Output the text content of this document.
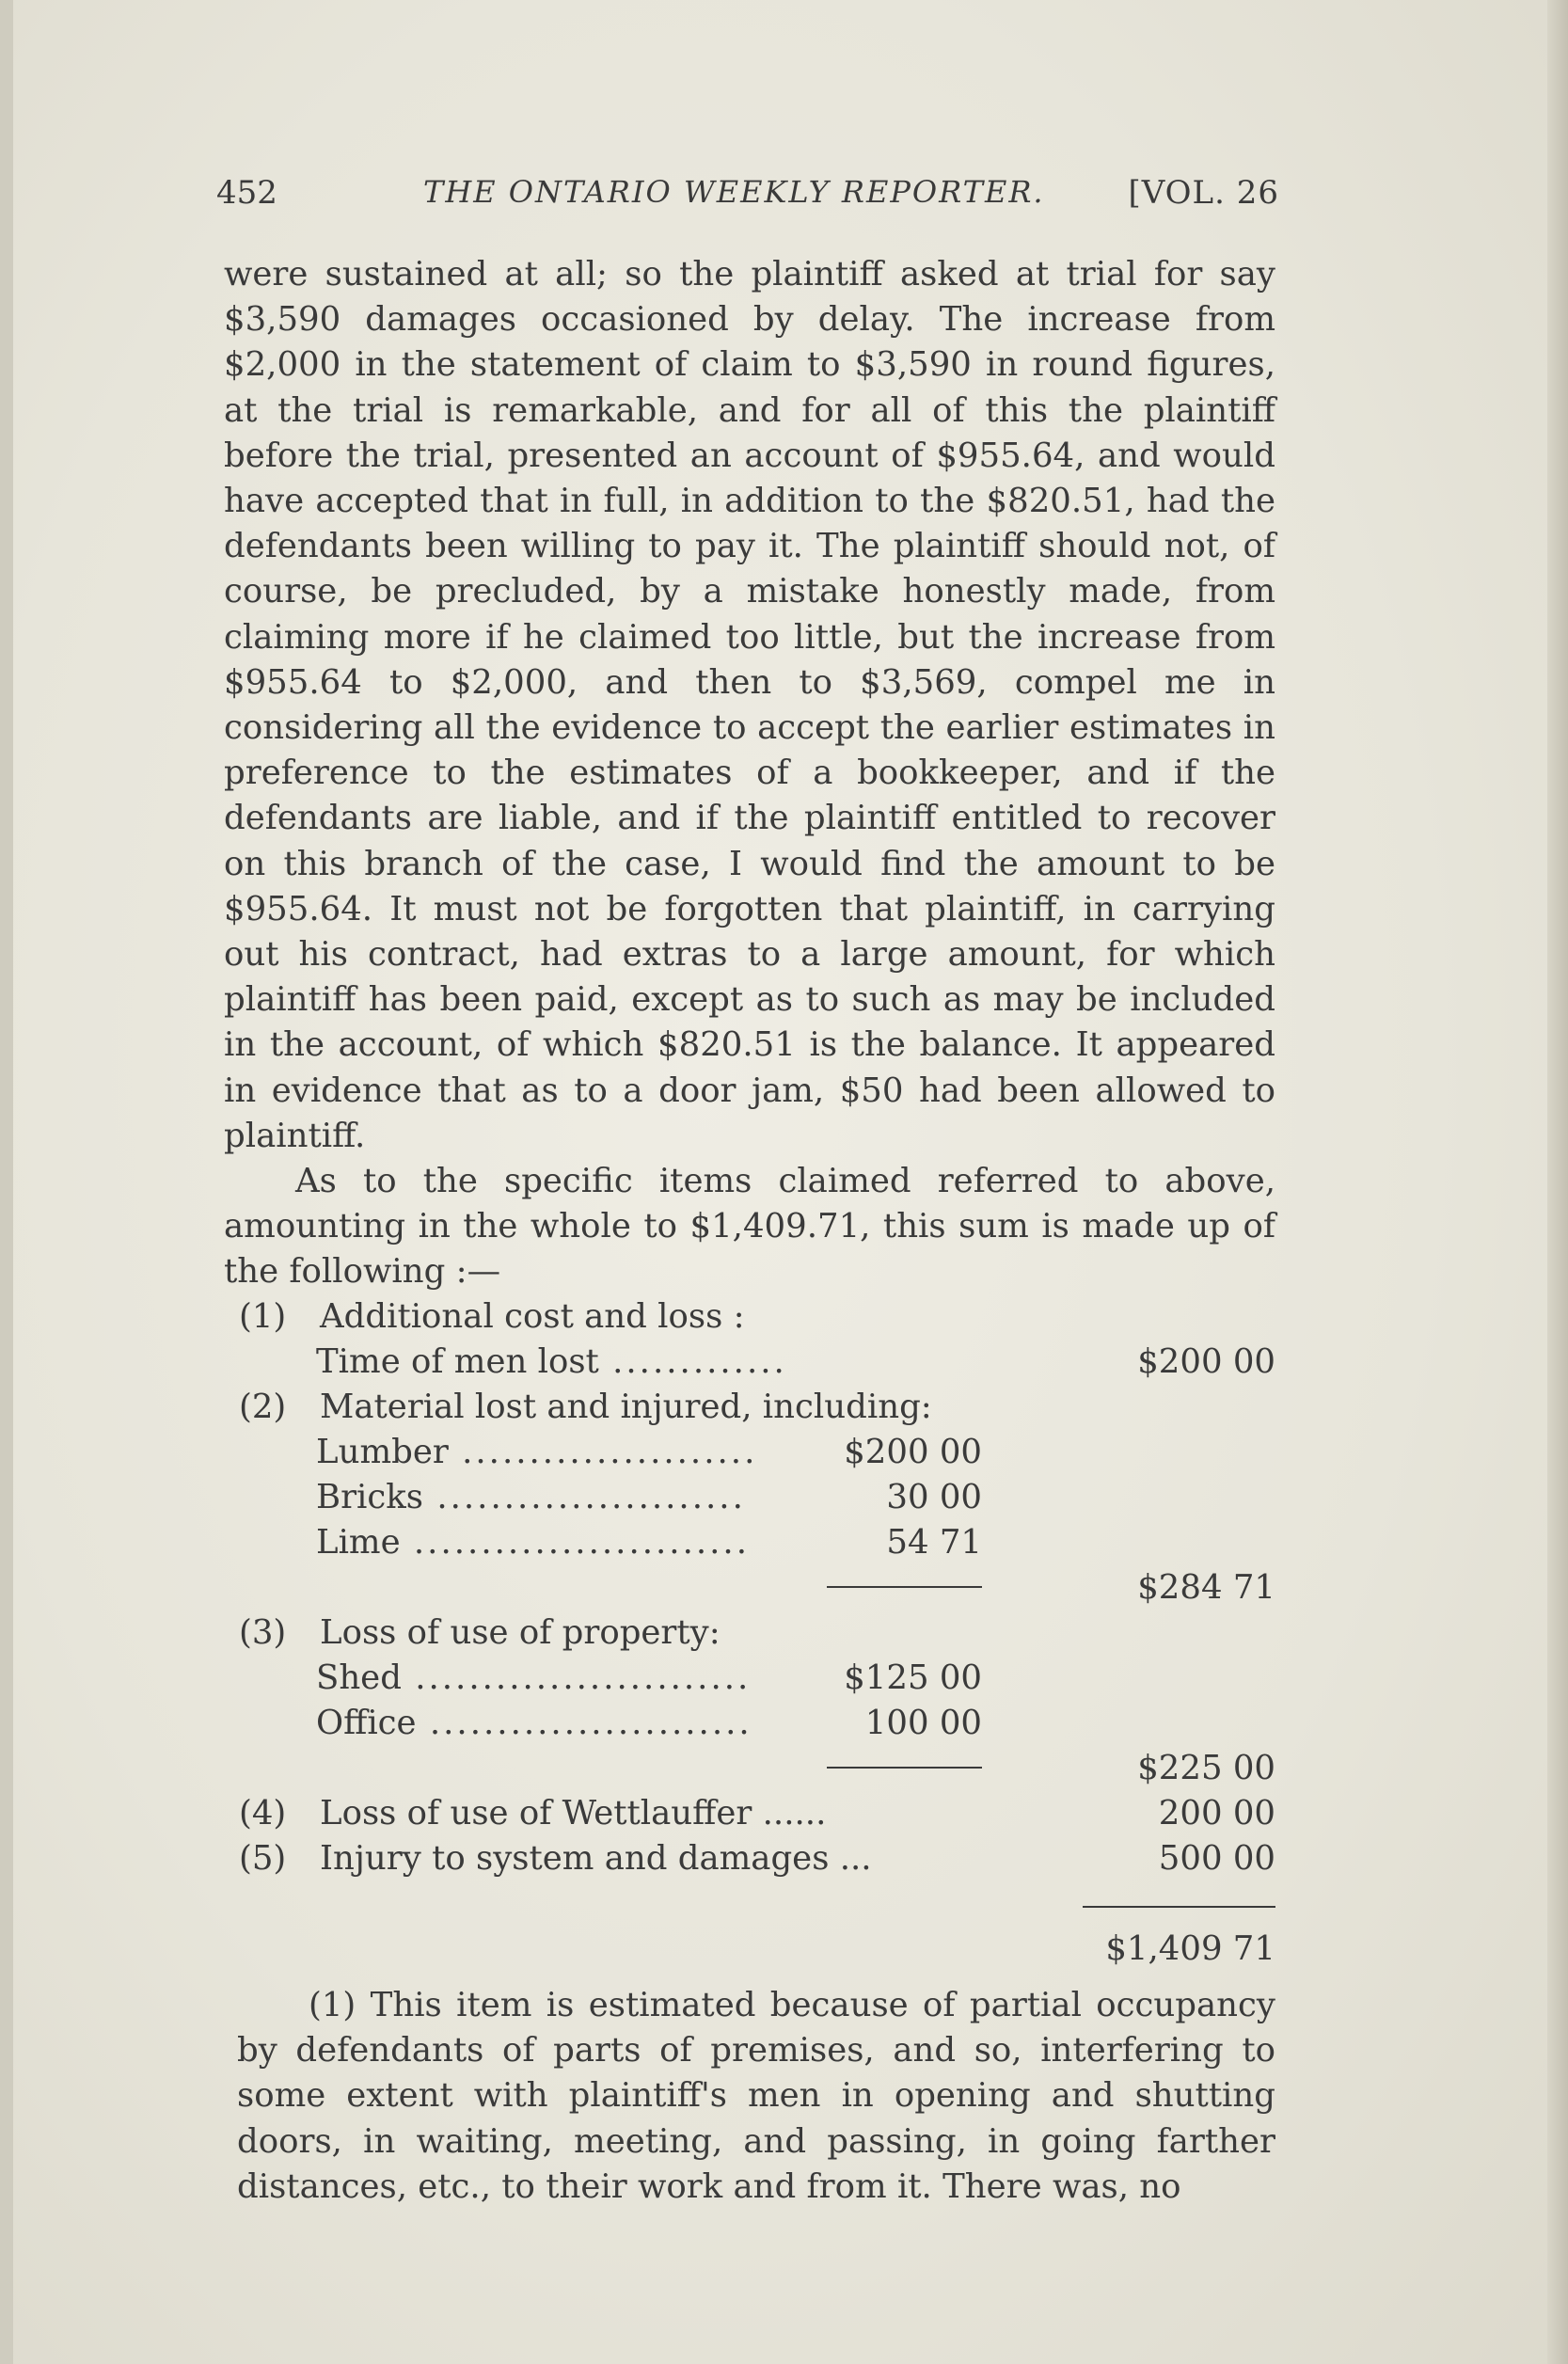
452	THE ONTARIO WEEKLY REPORTER.	[VOL. 26

were sustained at all; so the plaintiff asked at trial for say $3,590 damages occasioned by delay. The increase from $2,000 in the statement of claim to $3,590 in round figures, at the trial is remarkable, and for all of this the plaintiff before the trial, presented an account of $955.64, and would have accepted that in full, in addition to the $820.51, had the defendants been willing to pay it. The plaintiff should not, of course, be precluded, by a mistake honestly made, from claiming more if he claimed too little, but the increase from $955.64 to $2,000, and then to $3,569, compel me in considering all the evidence to accept the earlier estimates in preference to the estimates of a bookkeeper, and if the defendants are liable, and if the plaintiff entitled to recover on this branch of the case, I would find the amount to be $955.64. It must not be forgotten that plaintiff, in carrying out his contract, had extras to a large amount, for which plaintiff has been paid, except as to such as may be included in the account, of which $820.51 is the balance. It appeared in evidence that as to a door jam, $50 had been allowed to plaintiff.

As to the specific items claimed referred to above, amounting in the whole to $1,409.71, this sum is made up of the following :—

(1) Additional cost and loss :
Time of men lost .............	$200 00
(2) Material lost and injured, including:
Lumber ......................	$200 00
Bricks .......................	30 00
Lime .........................	54 71
$284 71
(3) Loss of use of property:
Shed .........................	$125 00
Office ........................	100 00
$225 00
(4) Loss of use of Wettlauffer ......	200 00
(5) Injury to system and damages ...	500 00
$1,409 71

(1) This item is estimated because of partial occupancy by defendants of parts of premises, and so, interfering to some extent with plaintiff's men in opening and shutting doors, in waiting, meeting, and passing, in going farther distances, etc., to their work and from it. There was, no
